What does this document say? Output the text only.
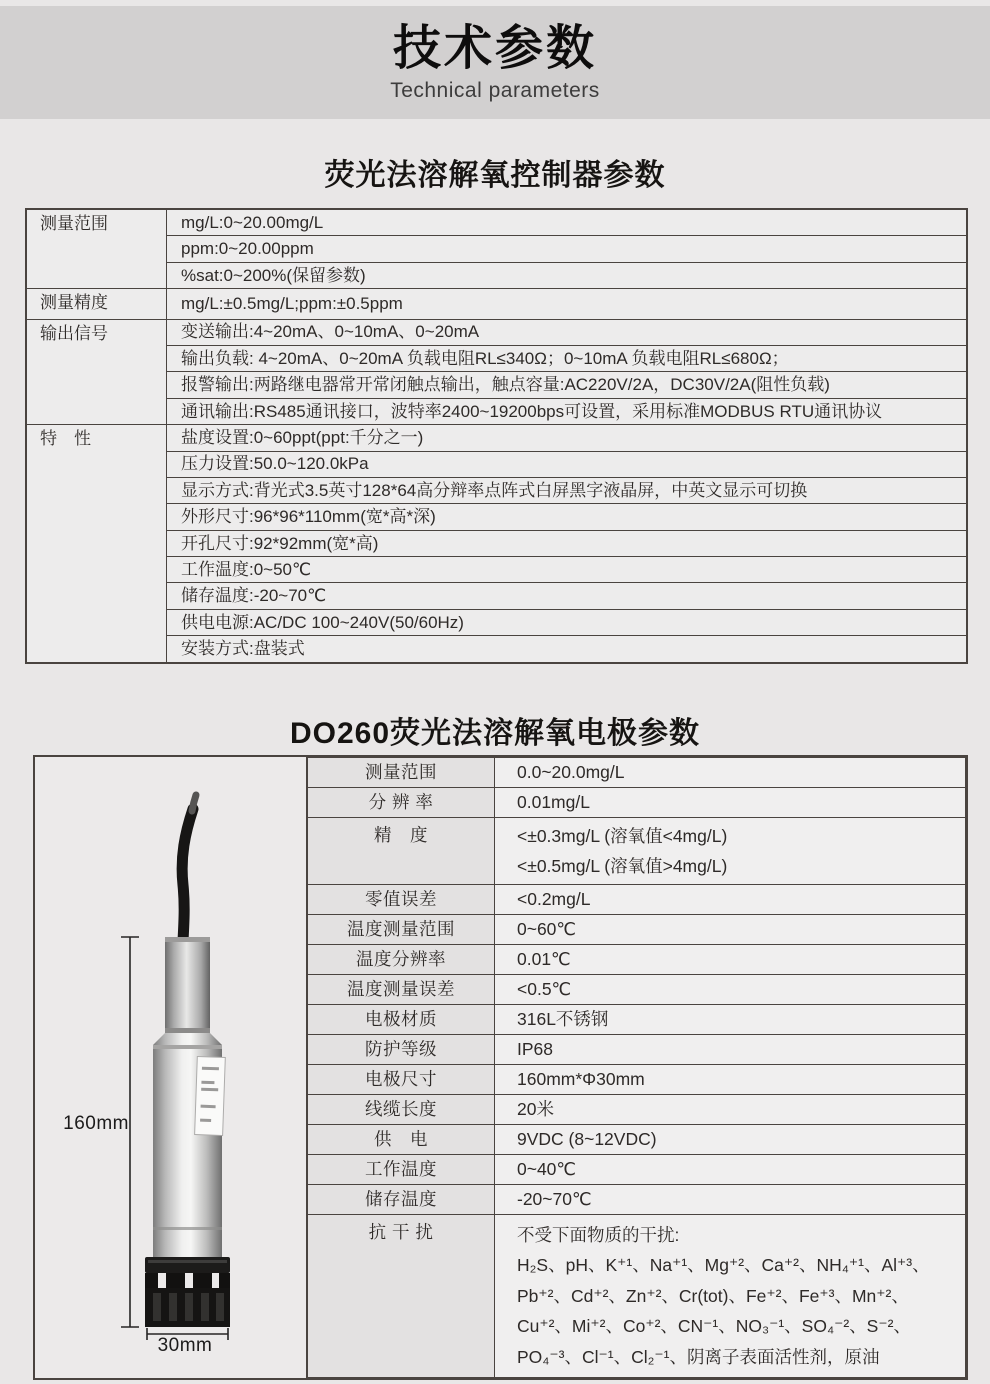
技术参数
Technical parameters
荧光法溶解氧控制器参数
测量范围	mg/L:0~20.00mg/L
	ppm:0~20.00ppm
	%sat:0~200%(保留参数)
测量精度	mg/L:±0.5mg/L;ppm:±0.5ppm
输出信号	变送输出:4~20mA、0~10mA、0~20mA
	输出负载: 4~20mA、0~20mA 负载电阻RL≤340Ω；0~10mA 负载电阻RL≤680Ω；
	报警输出:两路继电器常开常闭触点输出，触点容量:AC220V/2A，DC30V/2A(阻性负载)
	通讯输出:RS485通讯接口，波特率2400~19200bps可设置，采用标准MODBUS RTU通讯协议
特　性	盐度设置:0~60ppt(ppt:千分之一)
	压力设置:50.0~120.0kPa
	显示方式:背光式3.5英寸128*64高分辩率点阵式白屏黑字液晶屏，中英文显示可切换
	外形尺寸:96*96*110mm(宽*高*深)
	开孔尺寸:92*92mm(宽*高)
	工作温度:0~50℃
	储存温度:-20~70℃
	供电电源:AC/DC 100~240V(50/60Hz)
	安装方式:盘装式
DO260荧光法溶解氧电极参数
160mm
30mm
测量范围	0.0~20.0mg/L
分 辨 率	0.01mg/L
精　度	<±0.3mg/L (溶氧值<4mg/L)
<±0.5mg/L (溶氧值>4mg/L)

零值误差	<0.2mg/L
温度测量范围	0~60℃
温度分辨率	0.01℃
温度测量误差	<0.5℃
电极材质	316L不锈钢
防护等级	IP68
电极尺寸	160mm*Φ30mm
线缆长度	20米
供　电	9VDC (8~12VDC)
工作温度	0~40℃
储存温度	-20~70℃
抗 干 扰	不受下面物质的干扰:
H₂S、pH、K⁺¹、Na⁺¹、Mg⁺²、Ca⁺²、NH₄⁺¹、Al⁺³、
Pb⁺²、Cd⁺²、Zn⁺²、Cr(tot)、Fe⁺²、Fe⁺³、Mn⁺²、
Cu⁺²、Mi⁺²、Co⁺²、CN⁻¹、NO₃⁻¹、SO₄⁻²、S⁻²、
PO₄⁻³、Cl⁻¹、Cl₂⁻¹、阴离子表面活性剂，原油
